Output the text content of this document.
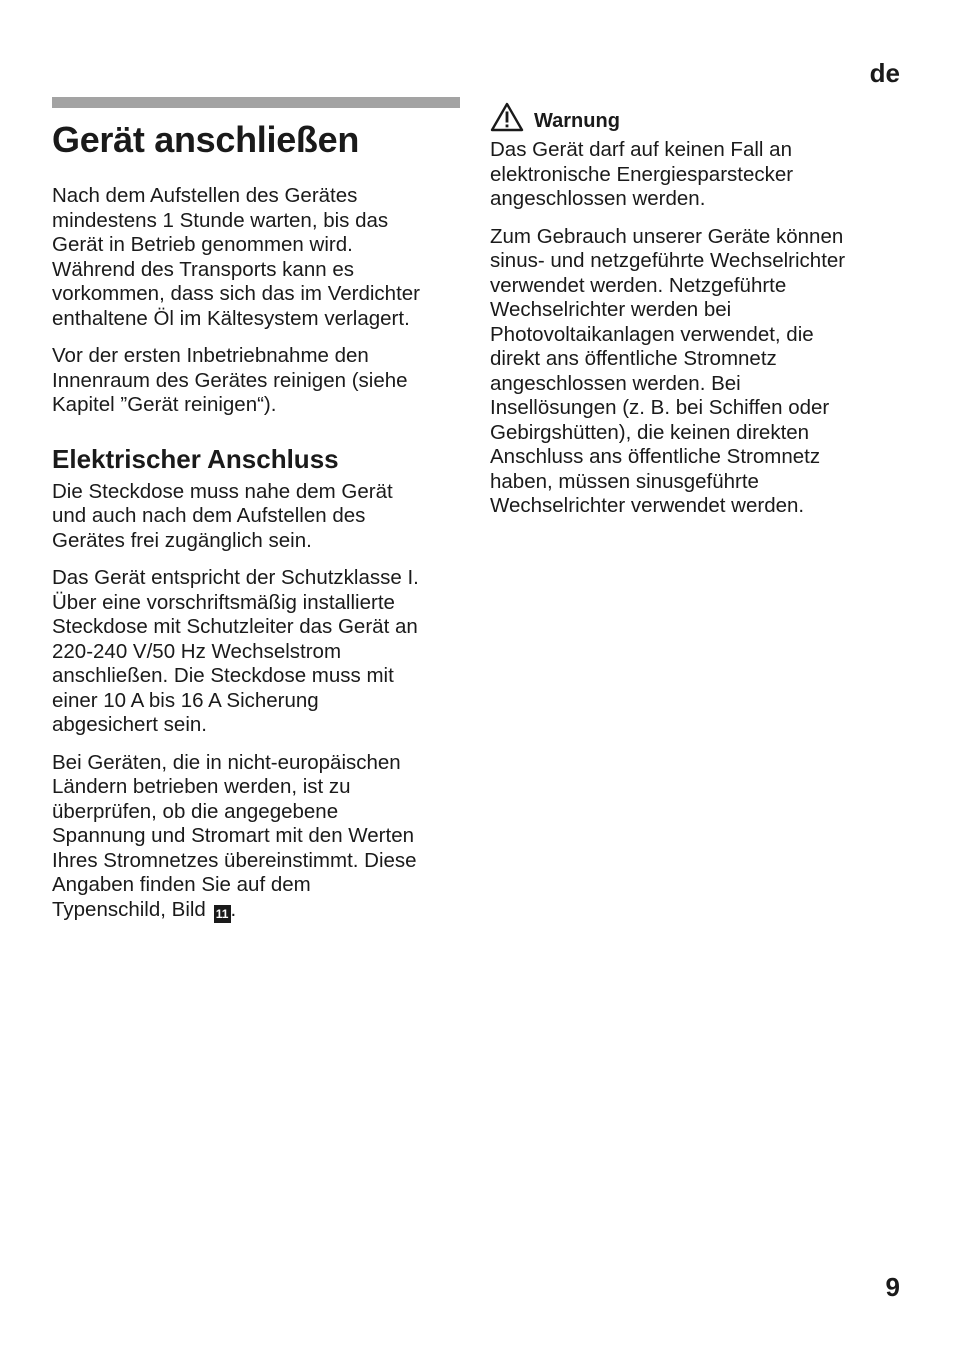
de
Gerät anschließen

Nach dem Aufstellen des Gerätes
mindestens 1 Stunde warten, bis das
Gerät in Betrieb genommen wird.
Während des Transports kann es
vorkommen, dass sich das im Verdichter
enthaltene Öl im Kältesystem verlagert.

Vor der ersten Inbetriebnahme den
Innenraum des Gerätes reinigen (siehe
Kapitel ”Gerät reinigen“).

Elektrischer Anschluss

Die Steckdose muss nahe dem Gerät
und auch nach dem Aufstellen des
Gerätes frei zugänglich sein.

Das Gerät entspricht der Schutzklasse I.
Über eine vorschriftsmäßig installierte
Steckdose mit Schutzleiter das Gerät an
220-240 V/50 Hz Wechselstrom
anschließen. Die Steckdose muss mit
einer 10 A bis 16 A Sicherung
abgesichert sein.

Bei Geräten, die in nicht-europäischen
Ländern betrieben werden, ist zu
überprüfen, ob die angegebene
Spannung und Stromart mit den Werten
Ihres Stromnetzes übereinstimmt. Diese
Angaben finden Sie auf dem
Typenschild, Bild 11 .

Warnung

Das Gerät darf auf keinen Fall an
elektronische Energiesparstecker
angeschlossen werden.

Zum Gebrauch unserer Geräte können
sinus- und netzgeführte Wechselrichter
verwendet werden. Netzgeführte
Wechselrichter werden bei
Photovoltaikanlagen verwendet, die
direkt ans öffentliche Stromnetz
angeschlossen werden. Bei
Insellösungen (z. B. bei Schiffen oder
Gebirgshütten), die keinen direkten
Anschluss ans öffentliche Stromnetz
haben, müssen sinusgeführte
Wechselrichter verwendet werden.

9
